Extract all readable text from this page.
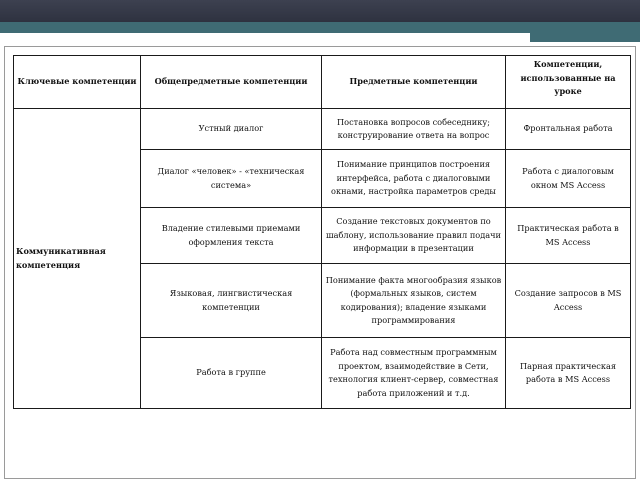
Ключевые компетенции	Общепредметные компетенции	Предметные компетенции	Компетенции, использованные на уроке
Коммуникативная компетенция	Устный диалог	Постановка вопросов собеседнику; конструирование ответа на вопрос	Фронтальная работа
	Диалог «человек» - «техническая система»	Понимание принципов построения интерфейса, работа с диалоговыми окнами, настройка параметров среды	Работа с диалоговым окном MS Access
	Владение стилевыми приемами оформления текста	Создание текстовых документов по шаблону, использование правил подачи информации в презентации	Практическая работа в MS Access
	Языковая, лингвистическая компетенции	Понимание факта многообразия языков (формальных языков, систем кодирования); владение языками программирования	Создание запросов в MS Access
	Работа в группе	Работа над совместным программным проектом, взаимодействие в Сети, технология клиент-сервер, совместная работа приложений и т.д.	Парная практическая работа в MS Access
